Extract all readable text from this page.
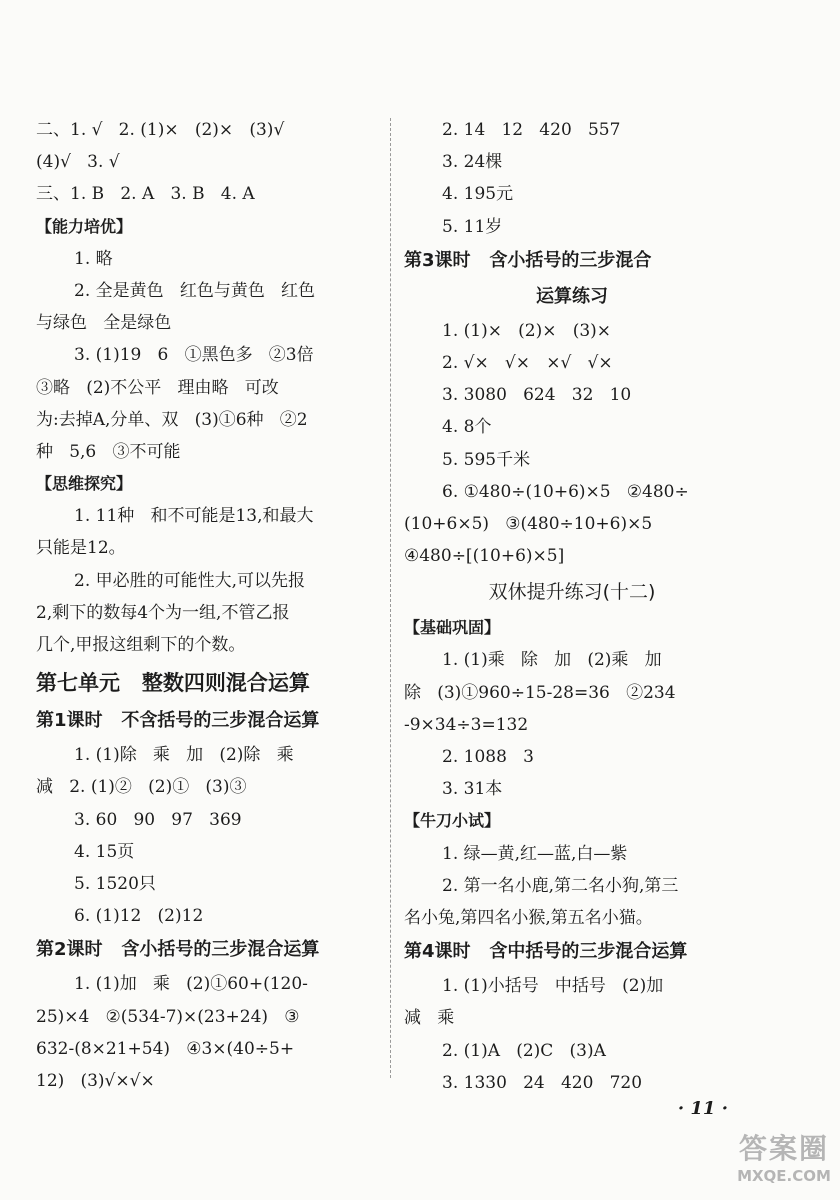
二、1. √   2. (1)×   (2)×   (3)√
(4)√   3. √
三、1. B   2. A   3. B   4. A
【能力培优】
1. 略
2. 全是黄色   红色与黄色   红色
与绿色   全是绿色
3. (1)19   6   ①黑色多   ②3倍
③略   (2)不公平   理由略   可改
为:去掉A,分单、双   (3)①6种   ②2
种   5,6   ③不可能
【思维探究】
1. 11种   和不可能是13,和最大
只能是12。
2. 甲必胜的可能性大,可以先报
2,剩下的数每4个为一组,不管乙报
几个,甲报这组剩下的个数。
第七单元   整数四则混合运算
第1课时   不含括号的三步混合运算
1. (1)除   乘   加   (2)除   乘
减   2. (1)②   (2)①   (3)③
3. 60   90   97   369
4. 15页
5. 1520只
6. (1)12   (2)12
第2课时   含小括号的三步混合运算
1. (1)加   乘   (2)①60+(120-
25)×4   ②(534-7)×(23+24)   ③
632-(8×21+54)   ④3×(40÷5+
12)   (3)√×√×
2. 14   12   420   557
3. 24棵
4. 195元
5. 11岁
第3课时   含小括号的三步混合
运算练习
1. (1)×   (2)×   (3)×
2. √×   √×   ×√   √×
3. 3080   624   32   10
4. 8个
5. 595千米
6. ①480÷(10+6)×5   ②480÷
(10+6×5)   ③(480÷10+6)×5
④480÷[(10+6)×5]
双休提升练习(十二)
【基础巩固】
1. (1)乘   除   加   (2)乘   加
除   (3)①960÷15-28=36   ②234
-9×34÷3=132
2. 1088   3
3. 31本
【牛刀小试】
1. 绿—黄,红—蓝,白—紫
2. 第一名小鹿,第二名小狗,第三
名小兔,第四名小猴,第五名小猫。
第4课时   含中括号的三步混合运算
1. (1)小括号   中括号   (2)加
减   乘
2. (1)A   (2)C   (3)A
3. 1330   24   420   720
· 11 ·
答案圈
MXQE.COM
